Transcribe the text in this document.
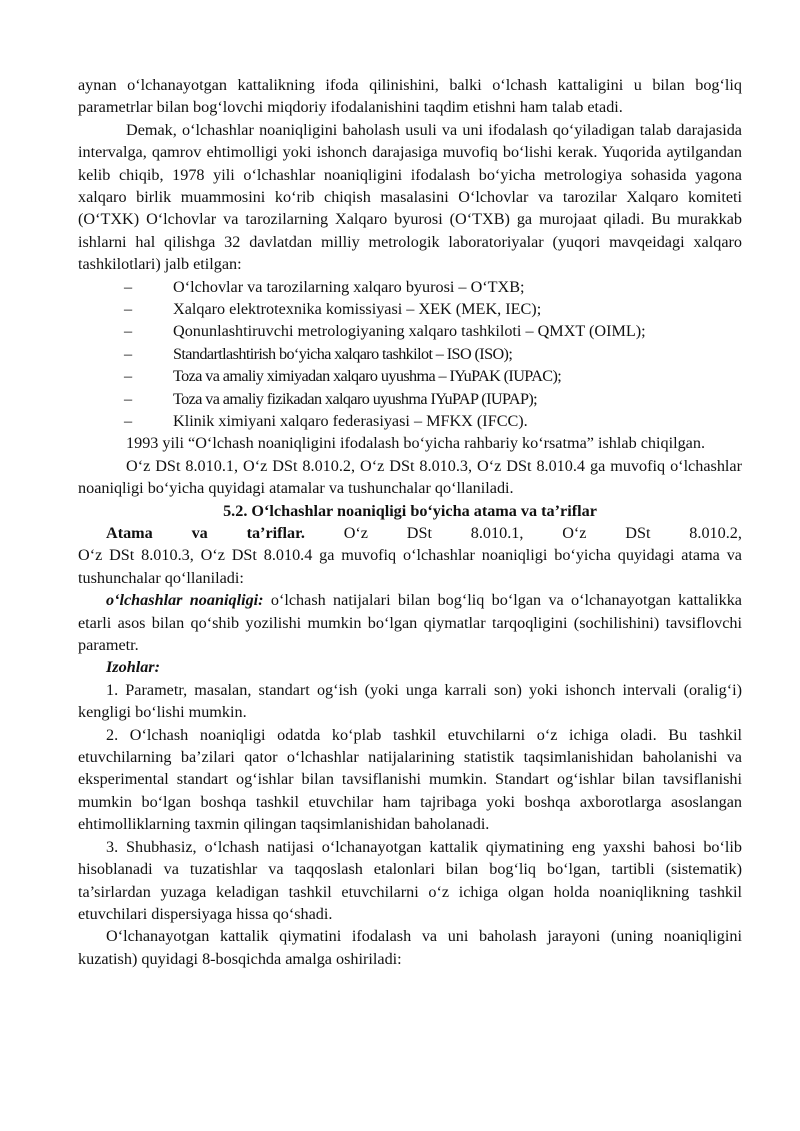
aynan o‘lchanayotgan kattalikning ifoda qilinishini, balki o‘lchash kattaligini u bilan bog‘liq parametrlar bilan bog‘lovchi miqdoriy ifodalanishini taqdim etishni ham talab etadi.

Demak, o‘lchashlar noaniqligini baholash usuli va uni ifodalash qo‘yiladigan talab darajasida intervalga, qamrov ehtimolligi yoki ishonch darajasiga muvofiq bo‘lishi kerak. Yuqorida aytilgandan kelib chiqib, 1978 yili o‘lchashlar noaniqligini ifodalash bo‘yicha metrologiya sohasida yagona xalqaro birlik muammosini ko‘rib chiqish masalasini O‘lchovlar va tarozilar Xalqaro komiteti (O‘TXK) O‘lchovlar va tarozilarning Xalqaro byurosi (O‘TXB) ga murojaat qiladi. Bu murakkab ishlarni hal qilishga 32 davlatdan milliy metrologik laboratoriyalar (yuqori mavqeidagi xalqaro tashkilotlari) jalb etilgan:

–	O‘lchovlar va tarozilarning xalqaro byurosi – O‘TXB;
–	Xalqaro elektrotexnika komissiyasi – XEK (MEK, IEC);
–	Qonunlashtiruvchi metrologiyaning xalqaro tashkiloti – QMXT (OIML);
–	Standartlashtirish bo‘yicha xalqaro tashkilot – ISO (ISO);
–	Toza va amaliy ximiyadan xalqaro uyushma – IYuPAK (IUPAC);
–	Toza va amaliy fizikadan xalqaro uyushma IYuPAP (IUPAP);
–	Klinik ximiyani xalqaro federasiyasi – MFKX (IFCC).

1993 yili “O‘lchash noaniqligini ifodalash bo‘yicha rahbariy ko‘rsatma” ishlab chiqilgan.

O‘z DSt 8.010.1, O‘z DSt 8.010.2, O‘z DSt 8.010.3, O‘z DSt 8.010.4 ga muvofiq o‘lchashlar noaniqligi bo‘yicha quyidagi atamalar va tushunchalar qo‘llaniladi.

5.2. O‘lchashlar noaniqligi bo‘yicha atama va ta’riflar

Atama va ta’riflar. O‘z DSt 8.010.1, O‘z DSt 8.010.2,

O‘z DSt 8.010.3, O‘z DSt 8.010.4 ga muvofiq o‘lchashlar noaniqligi bo‘yicha quyidagi atama va tushunchalar qo‘llaniladi:

o‘lchashlar noaniqligi: o‘lchash natijalari bilan bog‘liq bo‘lgan va o‘lchanayotgan kattalikka etarli asos bilan qo‘shib yozilishi mumkin bo‘lgan qiymatlar tarqoqligini (sochilishini) tavsiflovchi parametr.

Izohlar:

1. Parametr, masalan, standart og‘ish (yoki unga karrali son) yoki ishonch intervali (oralig‘i) kengligi bo‘lishi mumkin.

2. O‘lchash noaniqligi odatda ko‘plab tashkil etuvchilarni o‘z ichiga oladi. Bu tashkil etuvchilarning ba’zilari qator o‘lchashlar natijalarining statistik taqsimlanishidan baholanishi va eksperimental standart og‘ishlar bilan tavsiflanishi mumkin. Standart og‘ishlar bilan tavsiflanishi mumkin bo‘lgan boshqa tashkil etuvchilar ham tajribaga yoki boshqa axborotlarga asoslangan ehtimolliklarning taxmin qilingan taqsimlanishidan baholanadi.

3. Shubhasiz, o‘lchash natijasi o‘lchanayotgan kattalik qiymatining eng yaxshi bahosi bo‘lib hisoblanadi va tuzatishlar va taqqoslash etalonlari bilan bog‘liq bo‘lgan, tartibli (sistematik) ta’sirlardan yuzaga keladigan tashkil etuvchilarni o‘z ichiga olgan holda noaniqlikning tashkil etuvchilari dispersiyaga hissa qo‘shadi.

O‘lchanayotgan kattalik qiymatini ifodalash va uni baholash jarayoni (uning noaniqligini kuzatish) quyidagi 8-bosqichda amalga oshiriladi:
